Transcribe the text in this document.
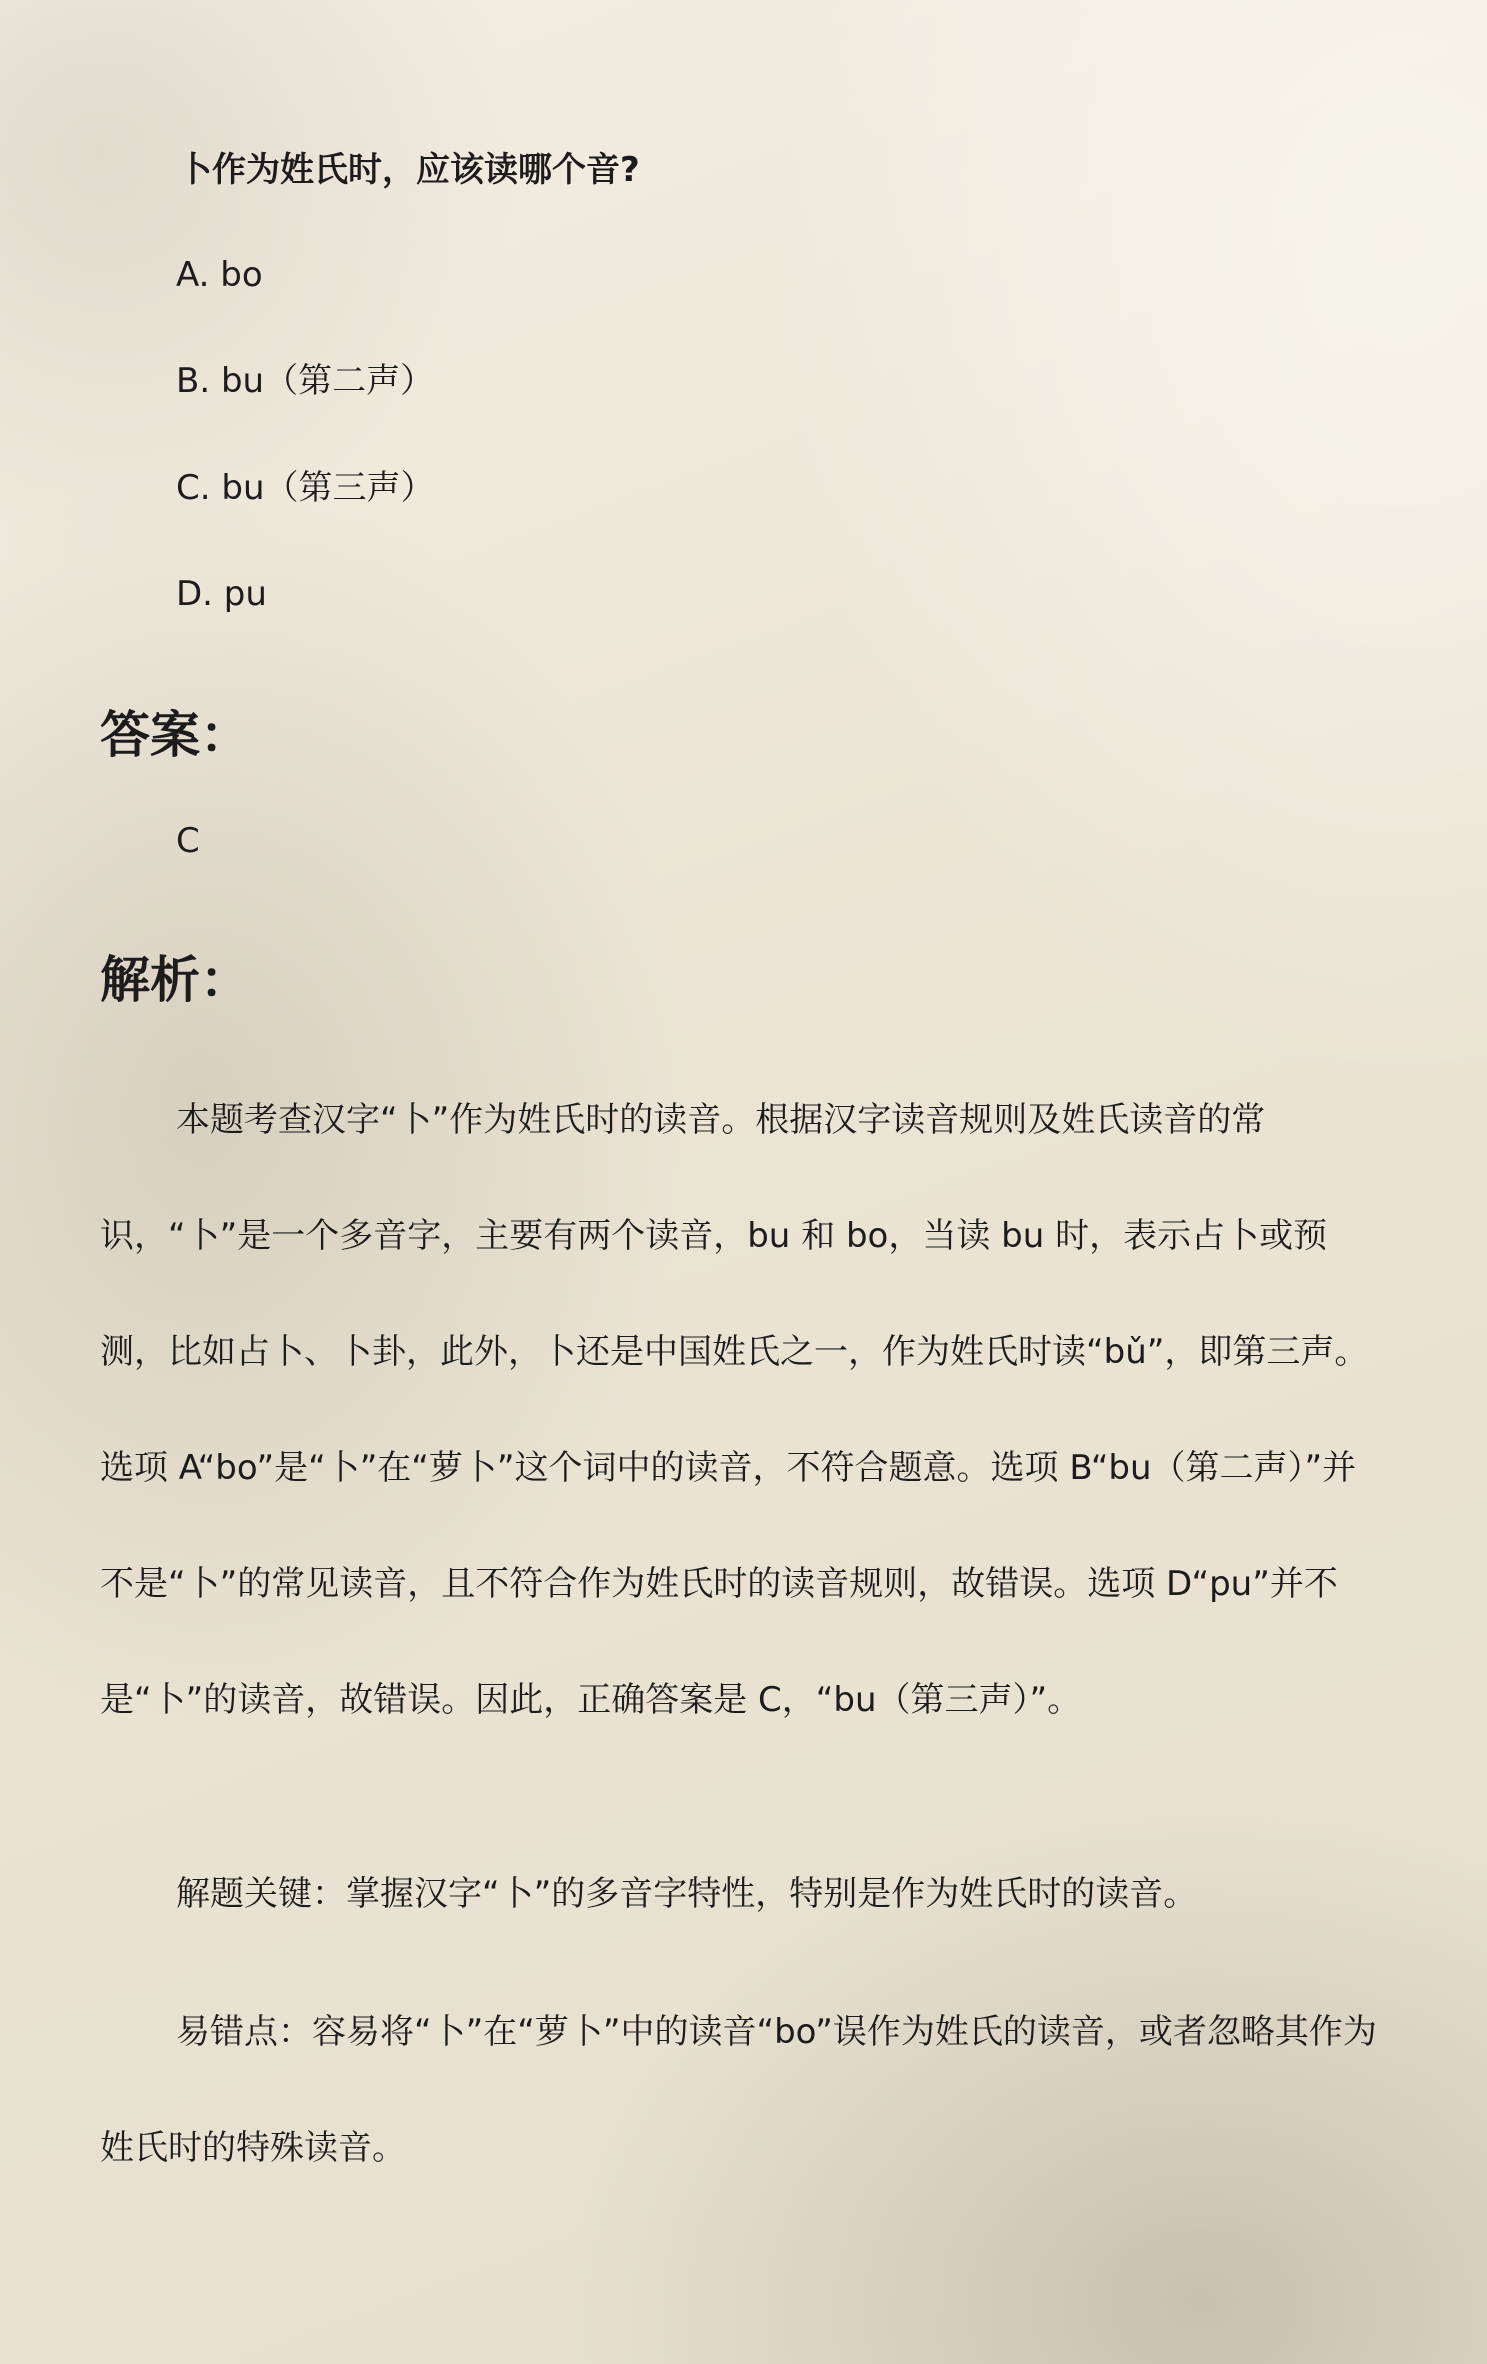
卜作为姓氏时，应该读哪个音?
A. bo
B. bu（第二声）
C. bu（第三声）
D. pu
答案：
C
解析：

本题考查汉字“卜”作为姓氏时的读音。根据汉字读音规则及姓氏读音的常识，“卜”是一个多音字，主要有两个读音，bu 和 bo，当读 bu 时，表示占卜或预测，比如占卜、卜卦，此外，卜还是中国姓氏之一，作为姓氏时读“bǔ”，即第三声。选项 A“bo”是“卜”在“萝卜”这个词中的读音，不符合题意。选项 B“bu（第二声）”并不是“卜”的常见读音，且不符合作为姓氏时的读音规则，故错误。选项 D“pu”并不是“卜”的读音，故错误。因此，正确答案是 C，“bu（第三声）”。

解题关键：掌握汉字“卜”的多音字特性，特别是作为姓氏时的读音。

易错点：容易将“卜”在“萝卜”中的读音“bo”误作为姓氏的读音，或者忽略其作为姓氏时的特殊读音。
